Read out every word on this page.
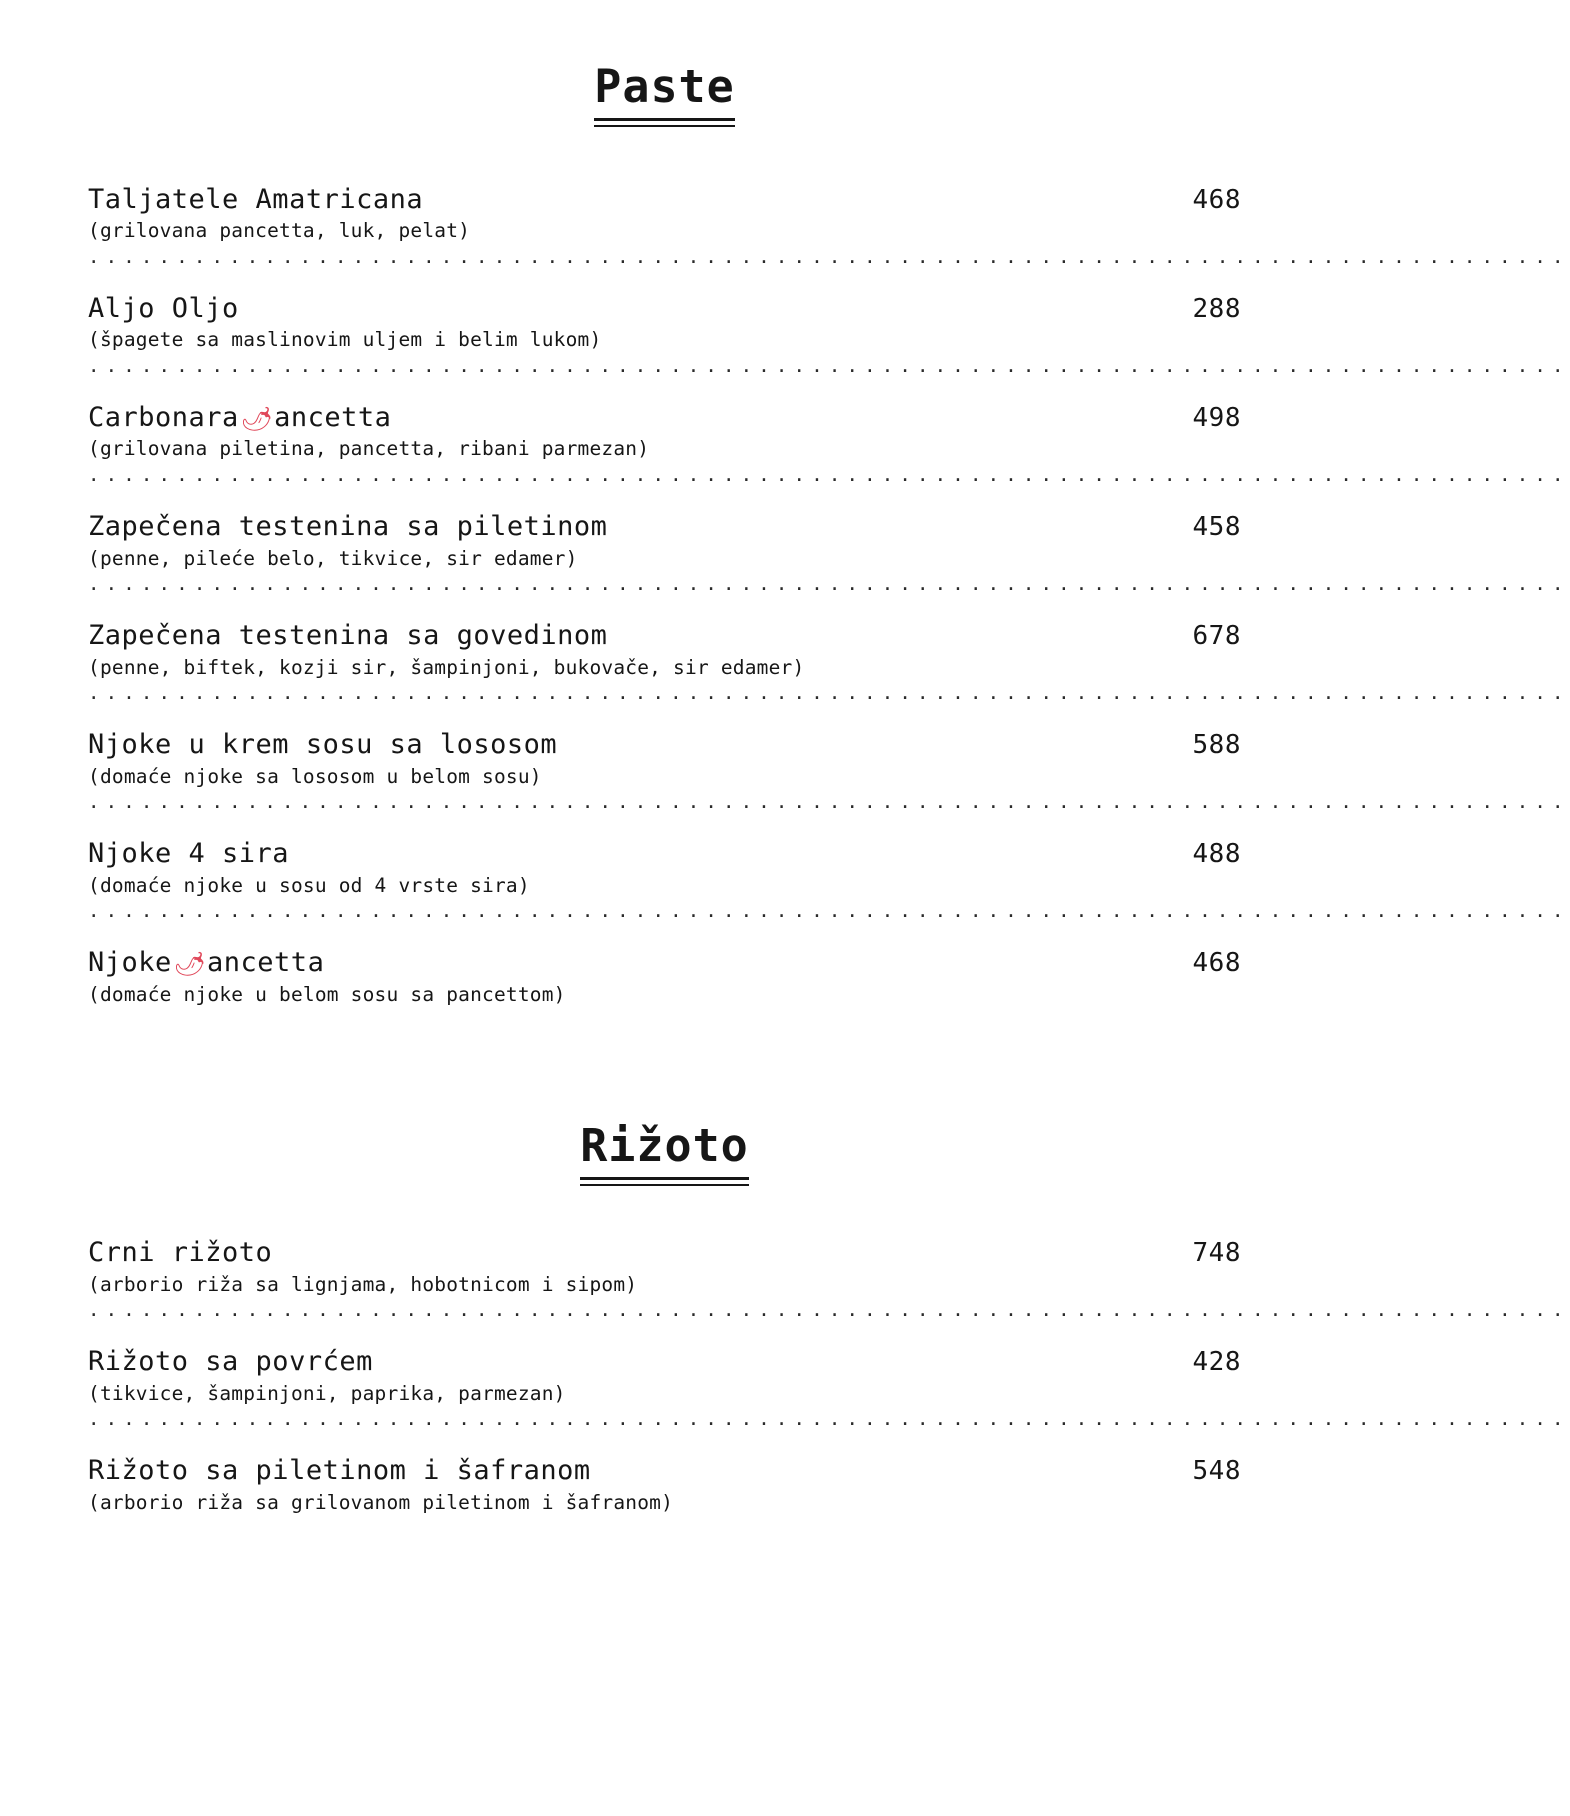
Paste
Taljatele Amatricana	468
(grilovana pancetta, luk, pelat)
....................................................................................
Aljo Oljo	288
(špagete sa maslinovim uljem i belim lukom)
....................................................................................
Carbonara🌶ancetta	498
(grilovana piletina, pancetta, ribani parmezan)
....................................................................................
Zapečena testenina sa piletinom	458
(penne, pileće belo, tikvice, sir edamer)
....................................................................................
Zapečena testenina sa govedinom	678
(penne, biftek, kozji sir, šampinjoni, bukovače, sir edamer)
....................................................................................
Njoke u krem sosu sa lososom	588
(domaće njoke sa lososom u belom sosu)
....................................................................................
Njoke 4 sira	488
(domaće njoke u sosu od 4 vrste sira)
....................................................................................
Njoke🌶ancetta	468
(domaće njoke u belom sosu sa pancettom)
Rižoto
Crni rižoto	748
(arborio riža sa lignjama, hobotnicom i sipom)
....................................................................................
Rižoto sa povrćem	428
(tikvice, šampinjoni, paprika, parmezan)
....................................................................................
Rižoto sa piletinom i šafranom	548
(arborio riža sa grilovanom piletinom i šafranom)
